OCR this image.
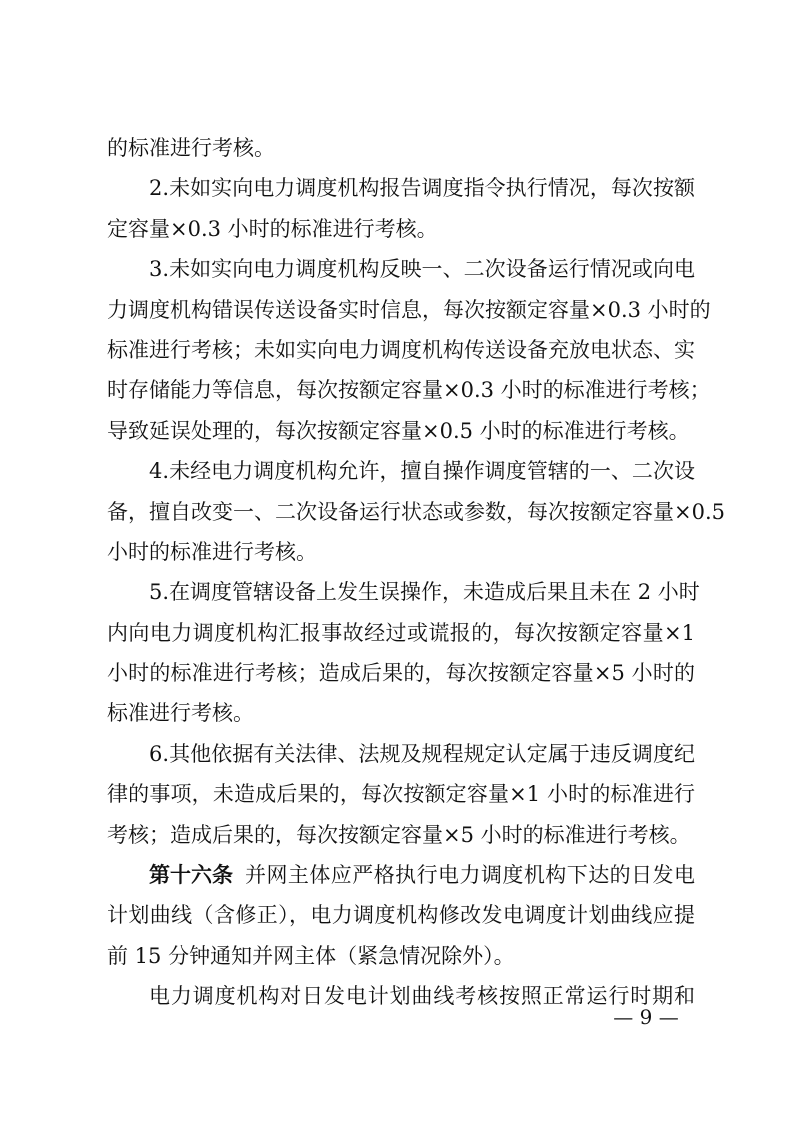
的标准进行考核。
2.未如实向电力调度机构报告调度指令执行情况，每次按额
定容量×0.3 小时的标准进行考核。
3.未如实向电力调度机构反映一、二次设备运行情况或向电
力调度机构错误传送设备实时信息，每次按额定容量×0.3 小时的
标准进行考核；未如实向电力调度机构传送设备充放电状态、实
时存储能力等信息，每次按额定容量×0.3 小时的标准进行考核；
导致延误处理的，每次按额定容量×0.5 小时的标准进行考核。
4.未经电力调度机构允许，擅自操作调度管辖的一、二次设
备，擅自改变一、二次设备运行状态或参数，每次按额定容量×0.5
小时的标准进行考核。
5.在调度管辖设备上发生误操作，未造成后果且未在 2 小时
内向电力调度机构汇报事故经过或谎报的，每次按额定容量×1
小时的标准进行考核；造成后果的，每次按额定容量×5 小时的
标准进行考核。
6.其他依据有关法律、法规及规程规定认定属于违反调度纪
律的事项，未造成后果的，每次按额定容量×1 小时的标准进行
考核；造成后果的，每次按额定容量×5 小时的标准进行考核。
第十六条 并网主体应严格执行电力调度机构下达的日发电
计划曲线（含修正），电力调度机构修改发电调度计划曲线应提
前 15 分钟通知并网主体（紧急情况除外）。
电力调度机构对日发电计划曲线考核按照正常运行时期和
— 9 —
